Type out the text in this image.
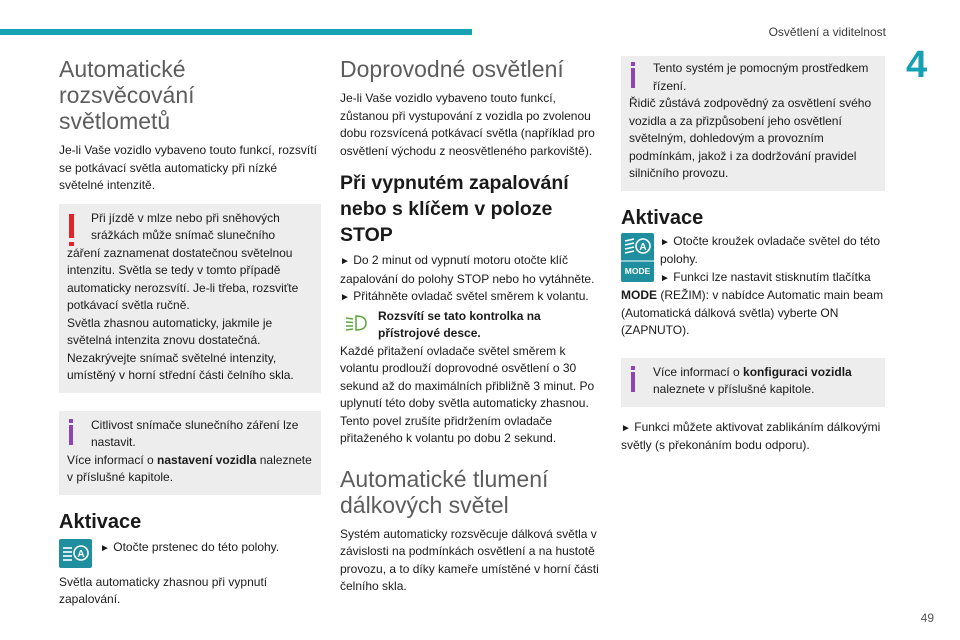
Osvětlení a viditelnost
4
49
Automatické rozsvěcování
světlometů

Je-li Vaše vozidlo vybaveno touto funkcí, rozsvítí se potkávací světla automaticky při nízké světelné intenzitě.

Při jízdě v mlze nebo při sněhových
srážkách může snímač slunečního
záření zaznamenat dostatečnou světelnou intenzitu. Světla se tedy v tomto případě automaticky nerozsvítí. Je-li třeba, rozsviťte potkávací světla ručně.
Světla zhasnou automaticky, jakmile je světelná intenzita znovu dostatečná.
Nezakrývejte snímač světelné intenzity, umístěný v horní střední části čelního skla.
Citlivost snímače slunečního záření lze
nastavit.
Více informací o nastavení vozidla naleznete v příslušné kapitole.
Aktivace
A
► Otočte prstenec do této polohy.

Světla automaticky zhasnou při vypnutí zapalování.

Doprovodné osvětlení

Je-li Vaše vozidlo vybaveno touto funkcí, zůstanou při vystupování z vozidla po zvolenou dobu rozsvícená potkávací světla (například pro osvětlení východu z neosvětleného parkoviště).

Při vypnutém zapalování nebo s klíčem v poloze STOP

► Do 2 minut od vypnutí motoru otočte klíč zapalování do polohy STOP nebo ho vytáhněte.

► Přitáhněte ovladač světel směrem k volantu.

Rozsvítí se tato kontrolka na přístrojové desce.

Každé přitažení ovladače světel směrem k volantu prodlouží doprovodné osvětlení o 30 sekund až do maximálních přibližně 3 minut. Po uplynutí této doby světla automaticky zhasnou.

Tento povel zrušíte přidržením ovladače přitaženého k volantu po dobu 2 sekund.

Automatické tlumení
dálkových světel

Systém automaticky rozsvěcuje dálková světla v závislosti na podmínkách osvětlení a na hustotě provozu, a to díky kameře umístěné v horní části čelního skla.

Tento systém je pomocným prostředkem
řízení.
Řidič zůstává zodpovědný za osvětlení svého vozidla a za přizpůsobení jeho osvětlení světelným, dohledovým a provozním podmínkám, jakož i za dodržování pravidel silničního provozu.
Aktivace
A
MODE

► Otočte kroužek ovladače světel do této polohy.

► Funkci lze nastavit stisknutím tlačítka MODE (REŽIM): v nabídce Automatic main beam (Automatická dálková světla) vyberte ON (ZAPNUTO).

Více informací o konfiguraci vozidla naleznete v příslušné kapitole.

► Funkci můžete aktivovat zablikáním dálkovými světly (s překonáním bodu odporu).
